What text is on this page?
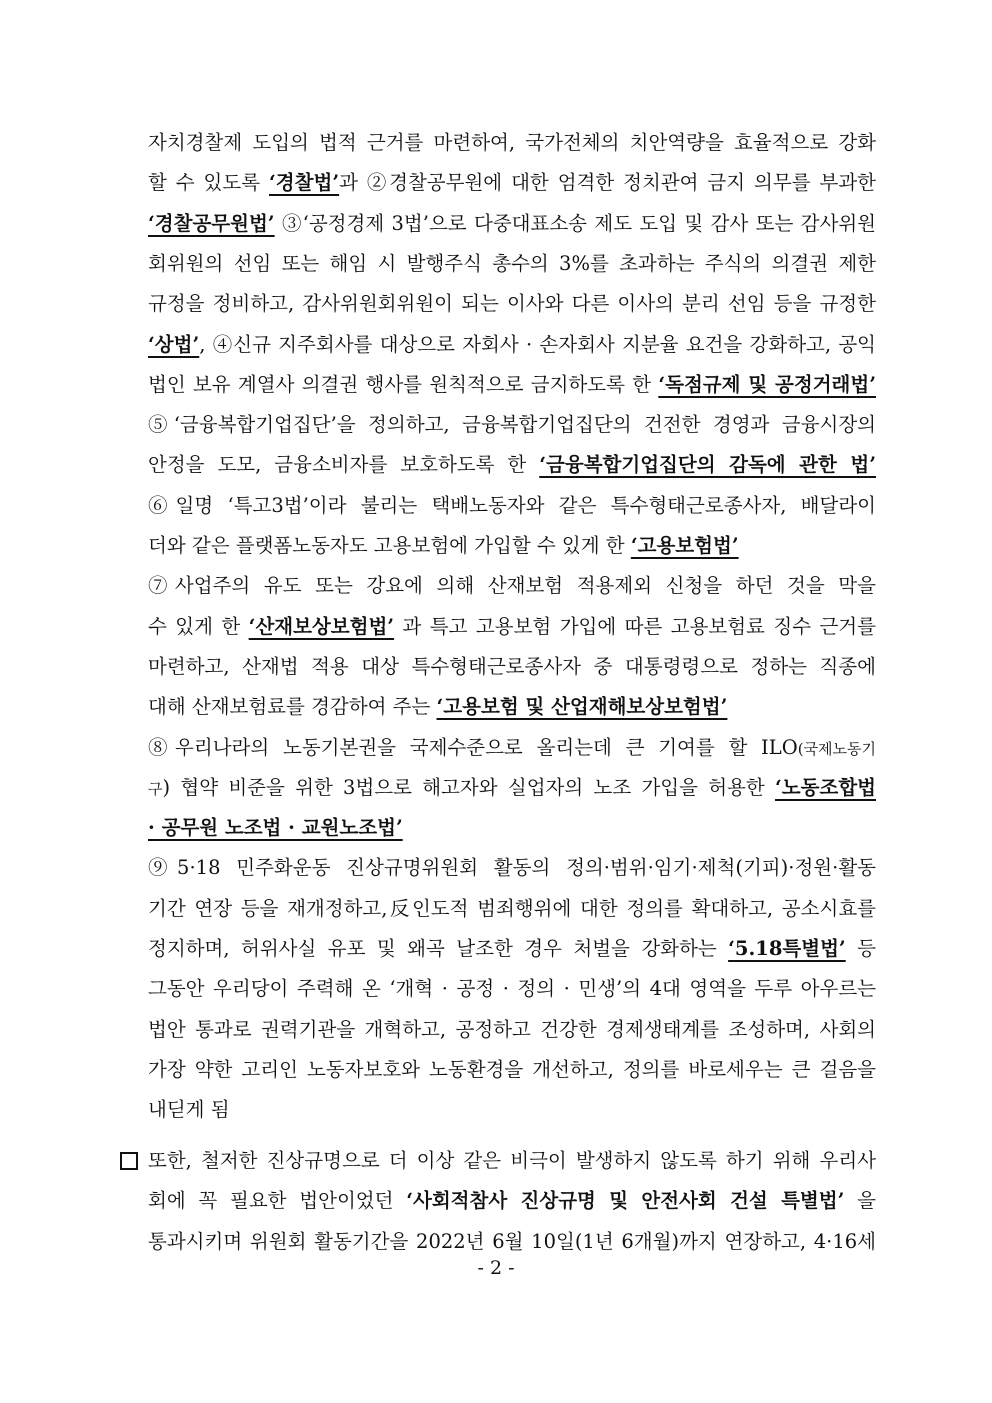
자치경찰제 도입의 법적 근거를 마련하여, 국가전체의 치안역량을 효율적으로 강화
할 수 있도록 ‘경찰법’과 ②경찰공무원에 대한 엄격한 정치관여 금지 의무를 부과한
‘경찰공무원법’ ③‘공정경제 3법’으로 다중대표소송 제도 도입 및 감사 또는 감사위원
회위원의 선임 또는 해임 시 발행주식 총수의 3%를 초과하는 주식의 의결권 제한
규정을 정비하고, 감사위원회위원이 되는 이사와 다른 이사의 분리 선임 등을 규정한
‘상법’, ④신규 지주회사를 대상으로 자회사 · 손자회사 지분율 요건을 강화하고, 공익
법인 보유 계열사 의결권 행사를 원칙적으로 금지하도록 한 ‘독점규제 및 공정거래법’
⑤‘금융복합기업집단’을 정의하고, 금융복합기업집단의 건전한 경영과 금융시장의
안정을 도모, 금융소비자를 보호하도록 한 ‘금융복합기업집단의 감독에 관한 법’
⑥일명 ‘특고3법’이라 불리는 택배노동자와 같은 특수형태근로종사자, 배달라이
더와 같은 플랫폼노동자도 고용보험에 가입할 수 있게 한 ‘고용보험법’
⑦사업주의 유도 또는 강요에 의해 산재보험 적용제외 신청을 하던 것을 막을
수 있게 한 ‘산재보상보험법’ 과 특고 고용보험 가입에 따른 고용보험료 징수 근거를
마련하고, 산재법 적용 대상 특수형태근로종사자 중 대통령령으로 정하는 직종에
대해 산재보험료를 경감하여 주는 ‘고용보험 및 산업재해보상보험법’
⑧우리나라의 노동기본권을 국제수준으로 올리는데 큰 기여를 할 ILO(국제노동기
구) 협약 비준을 위한 3법으로 해고자와 실업자의 노조 가입을 허용한 ‘노동조합법
· 공무원 노조법 · 교원노조법’
⑨5·18 민주화운동 진상규명위원회 활동의 정의·범위·임기·제척(기피)·정원·활동
기간 연장 등을 재개정하고,反인도적 범죄행위에 대한 정의를 확대하고, 공소시효를
정지하며, 허위사실 유포 및 왜곡 날조한 경우 처벌을 강화하는 ‘5.18특별법’ 등
그동안 우리당이 주력해 온 ‘개혁 · 공정 · 정의 · 민생’의 4대 영역을 두루 아우르는
법안 통과로 권력기관을 개혁하고, 공정하고 건강한 경제생태계를 조성하며, 사회의
가장 약한 고리인 노동자보호와 노동환경을 개선하고, 정의를 바로세우는 큰 걸음을
내딛게 됨
또한, 철저한 진상규명으로 더 이상 같은 비극이 발생하지 않도록 하기 위해 우리사
회에 꼭 필요한 법안이었던 ‘사회적참사 진상규명 및 안전사회 건설 특별법’ 을
통과시키며 위원회 활동기간을 2022년 6월 10일(1년 6개월)까지 연장하고, 4·16세
- 2 -
